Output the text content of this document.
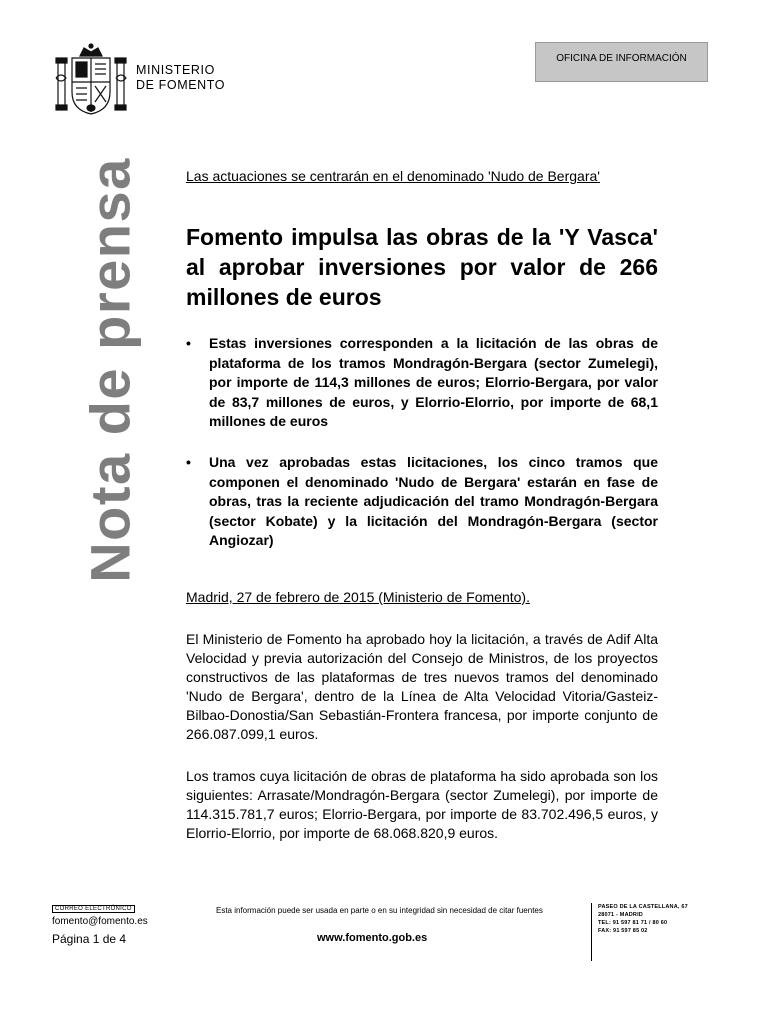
MINISTERIO
DE FOMENTO
OFICINA DE INFORMACIÓN
Nota de prensa	Las actuaciones se centrarán en el denominado 'Nudo de Bergara'
Fomento impulsa las obras de la 'Y Vasca' al aprobar inversiones por valor de 266 millones de euros
•	Estas inversiones corresponden a la licitación de las obras de plataforma de los tramos Mondragón-Bergara (sector Zumelegi), por importe de 114,3 millones de euros; Elorrio-Bergara, por valor de 83,7 millones de euros, y Elorrio-Elorrio, por importe de 68,1 millones de euros
•	Una vez aprobadas estas licitaciones, los cinco tramos que componen el denominado 'Nudo de Bergara' estarán en fase de obras, tras la reciente adjudicación del tramo Mondragón-Bergara (sector Kobate) y la licitación del Mondragón-Bergara (sector Angiozar)
Madrid, 27 de febrero de 2015 (Ministerio de Fomento).
El Ministerio de Fomento ha aprobado hoy la licitación, a través de Adif Alta Velocidad y previa autorización del Consejo de Ministros, de los proyectos constructivos de las plataformas de tres nuevos tramos del denominado 'Nudo de Bergara', dentro de la Línea de Alta Velocidad Vitoria/Gasteiz-Bilbao-Donostia/San Sebastián-Frontera francesa, por importe conjunto de 266.087.099,1 euros.
Los tramos cuya licitación de obras de plataforma ha sido aprobada son los siguientes: Arrasate/Mondragón-Bergara (sector Zumelegi), por importe de 114.315.781,7 euros; Elorrio-Bergara, por importe de 83.702.496,5 euros, y Elorrio-Elorrio, por importe de 68.068.820,9 euros.
CORREO ELECTRÓNICO
fomento@fomento.es
Página 1 de 4
Esta información puede ser usada en parte o en su integridad sin necesidad de citar fuentes
www.fomento.gob.es
PASEO DE LA CASTELLANA, 67
28071 - MADRID
TEL: 91 597 81 71 / 80 60
FAX: 91 597 85 02
